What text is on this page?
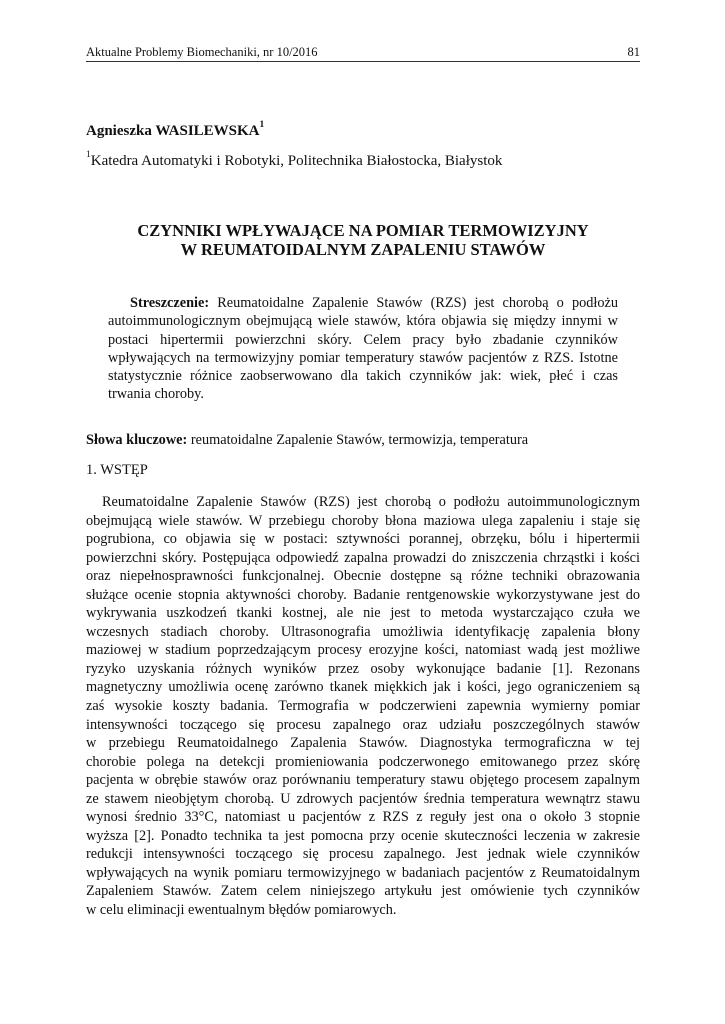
Aktualne Problemy Biomechaniki, nr 10/2016	81
Agnieszka WASILEWSKA$^1$
$^1$Katedra Automatyki i Robotyki, Politechnika Białostocka, Białystok
CZYNNIKI WPŁYWAJĄCE NA POMIAR TERMOWIZYJNY
W REUMATOIDALNYM ZAPALENIU STAWÓW
Streszczenie: Reumatoidalne Zapalenie Stawów (RZS) jest chorobą o podłożu autoimmunologicznym obejmującą wiele stawów, która objawia się między innymi w postaci hipertermii powierzchni skóry. Celem pracy było zbadanie czynników wpływających na termowizyjny pomiar temperatury stawów pacjentów z RZS. Istotne statystycznie różnice zaobserwowano dla takich czynników jak: wiek, płeć i czas trwania choroby.
Słowa kluczowe: reumatoidalne Zapalenie Stawów, termowizja, temperatura
1. WSTĘP
Reumatoidalne Zapalenie Stawów (RZS) jest chorobą o podłożu autoimmunologicznym
obejmującą wiele stawów. W przebiegu choroby błona maziowa ulega zapaleniu i staje się
pogrubiona, co objawia się w postaci: sztywności porannej, obrzęku, bólu i hipertermii
powierzchni skóry. Postępująca odpowiedź zapalna prowadzi do zniszczenia chrząstki i kości
oraz niepełnosprawności funkcjonalnej. Obecnie dostępne są różne techniki obrazowania
służące ocenie stopnia aktywności choroby. Badanie rentgenowskie wykorzystywane jest do
wykrywania uszkodzeń tkanki kostnej, ale nie jest to metoda wystarczająco czuła we
wczesnych stadiach choroby. Ultrasonografia umożliwia identyfikację zapalenia błony
maziowej w stadium poprzedzającym procesy erozyjne kości, natomiast wadą jest możliwe
ryzyko uzyskania różnych wyników przez osoby wykonujące badanie [1]. Rezonans
magnetyczny umożliwia ocenę zarówno tkanek miękkich jak i kości, jego ograniczeniem są
zaś wysokie koszty badania. Termografia w podczerwieni zapewnia wymierny pomiar
intensywności toczącego się procesu zapalnego oraz udziału poszczególnych stawów
w przebiegu Reumatoidalnego Zapalenia Stawów. Diagnostyka termograficzna w tej
chorobie polega na detekcji promieniowania podczerwonego emitowanego przez skórę
pacjenta w obrębie stawów oraz porównaniu temperatury stawu objętego procesem zapalnym
ze stawem nieobjętym chorobą. U zdrowych pacjentów średnia temperatura wewnątrz stawu
wynosi średnio 33°C, natomiast u pacjentów z RZS z reguły jest ona o około 3 stopnie
wyższa [2]. Ponadto technika ta jest pomocna przy ocenie skuteczności leczenia w zakresie
redukcji intensywności toczącego się procesu zapalnego. Jest jednak wiele czynników
wpływających na wynik pomiaru termowizyjnego w badaniach pacjentów z Reumatoidalnym
Zapaleniem Stawów. Zatem celem niniejszego artykułu jest omówienie tych czynników
w celu eliminacji ewentualnym błędów pomiarowych.
